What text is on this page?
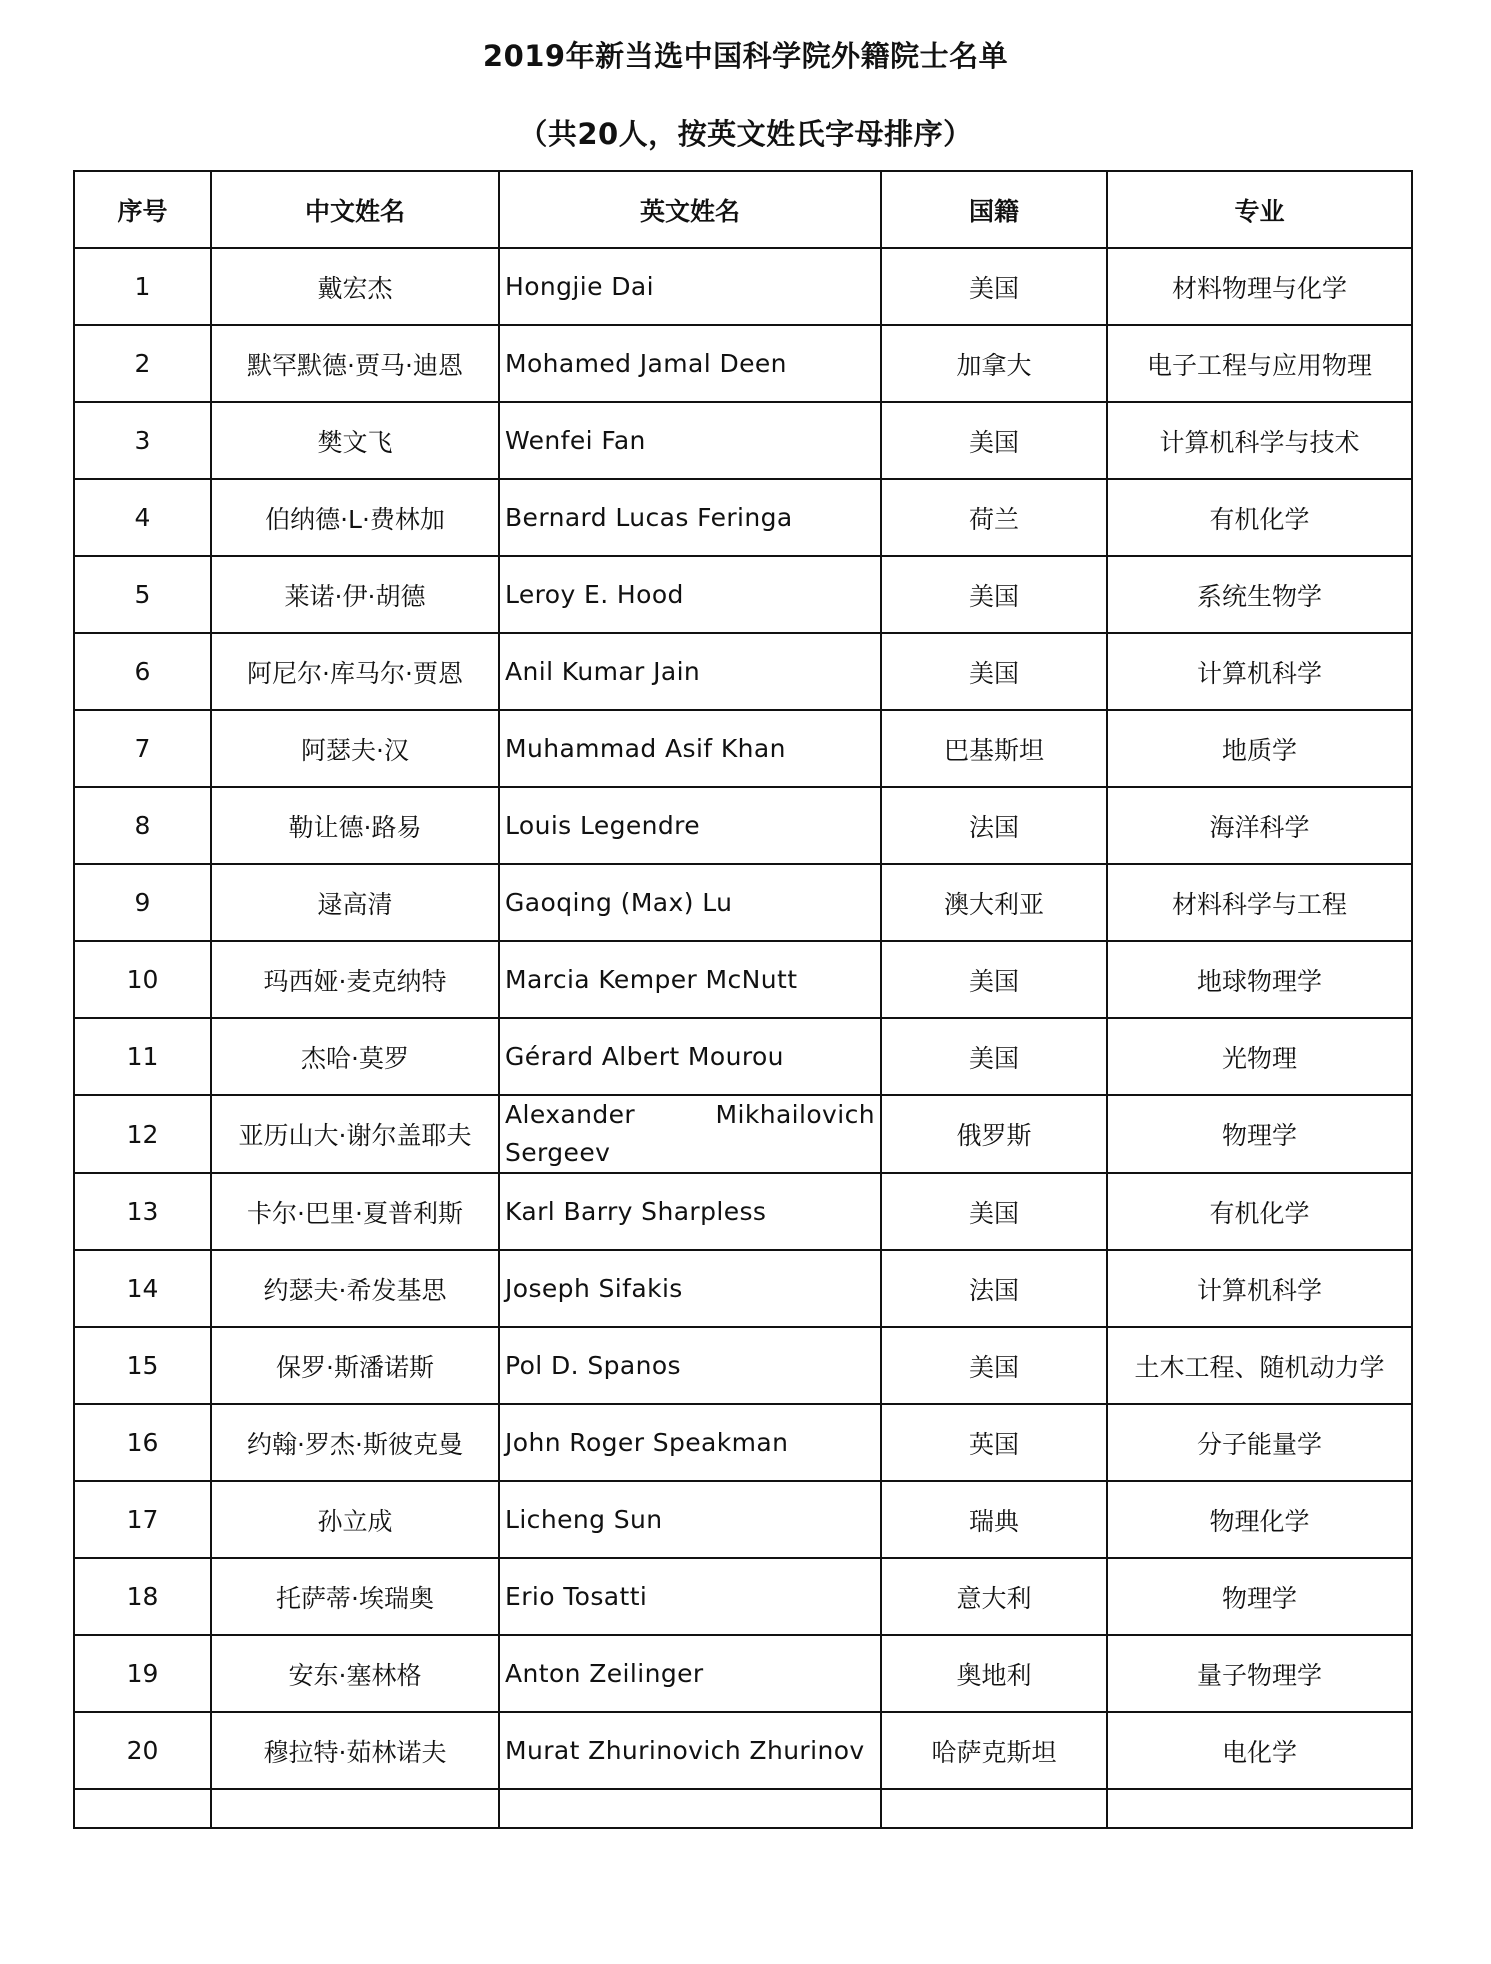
2019年新当选中国科学院外籍院士名单
（共20人，按英文姓氏字母排序）
序号	中文姓名	英文姓名	国籍	专业
1	戴宏杰	Hongjie Dai	美国	材料物理与化学
2	默罕默德·贾马·迪恩	Mohamed Jamal Deen	加拿大	电子工程与应用物理
3	樊文飞	Wenfei Fan	美国	计算机科学与技术
4	伯纳德·L·费林加	Bernard Lucas Feringa	荷兰	有机化学
5	莱诺·伊·胡德	Leroy E. Hood	美国	系统生物学
6	阿尼尔·库马尔·贾恩	Anil Kumar Jain	美国	计算机科学
7	阿瑟夫·汉	Muhammad Asif Khan	巴基斯坦	地质学
8	勒让德·路易	Louis Legendre	法国	海洋科学
9	逯高清	Gaoqing (Max) Lu	澳大利亚	材料科学与工程
10	玛西娅·麦克纳特	Marcia Kemper McNutt	美国	地球物理学
11	杰哈·莫罗	Gérard Albert Mourou	美国	光物理
12	亚历山大·谢尔盖耶夫	Alexander Mikhailovich Sergeev	俄罗斯	物理学
13	卡尔·巴里·夏普利斯	Karl Barry Sharpless	美国	有机化学
14	约瑟夫·希发基思	Joseph Sifakis	法国	计算机科学
15	保罗·斯潘诺斯	Pol D. Spanos	美国	土木工程、随机动力学
16	约翰·罗杰·斯彼克曼	John Roger Speakman	英国	分子能量学
17	孙立成	Licheng Sun	瑞典	物理化学
18	托萨蒂·埃瑞奥	Erio Tosatti	意大利	物理学
19	安东·塞林格	Anton Zeilinger	奥地利	量子物理学
20	穆拉特·茹林诺夫	Murat Zhurinovich Zhurinov	哈萨克斯坦	电化学
